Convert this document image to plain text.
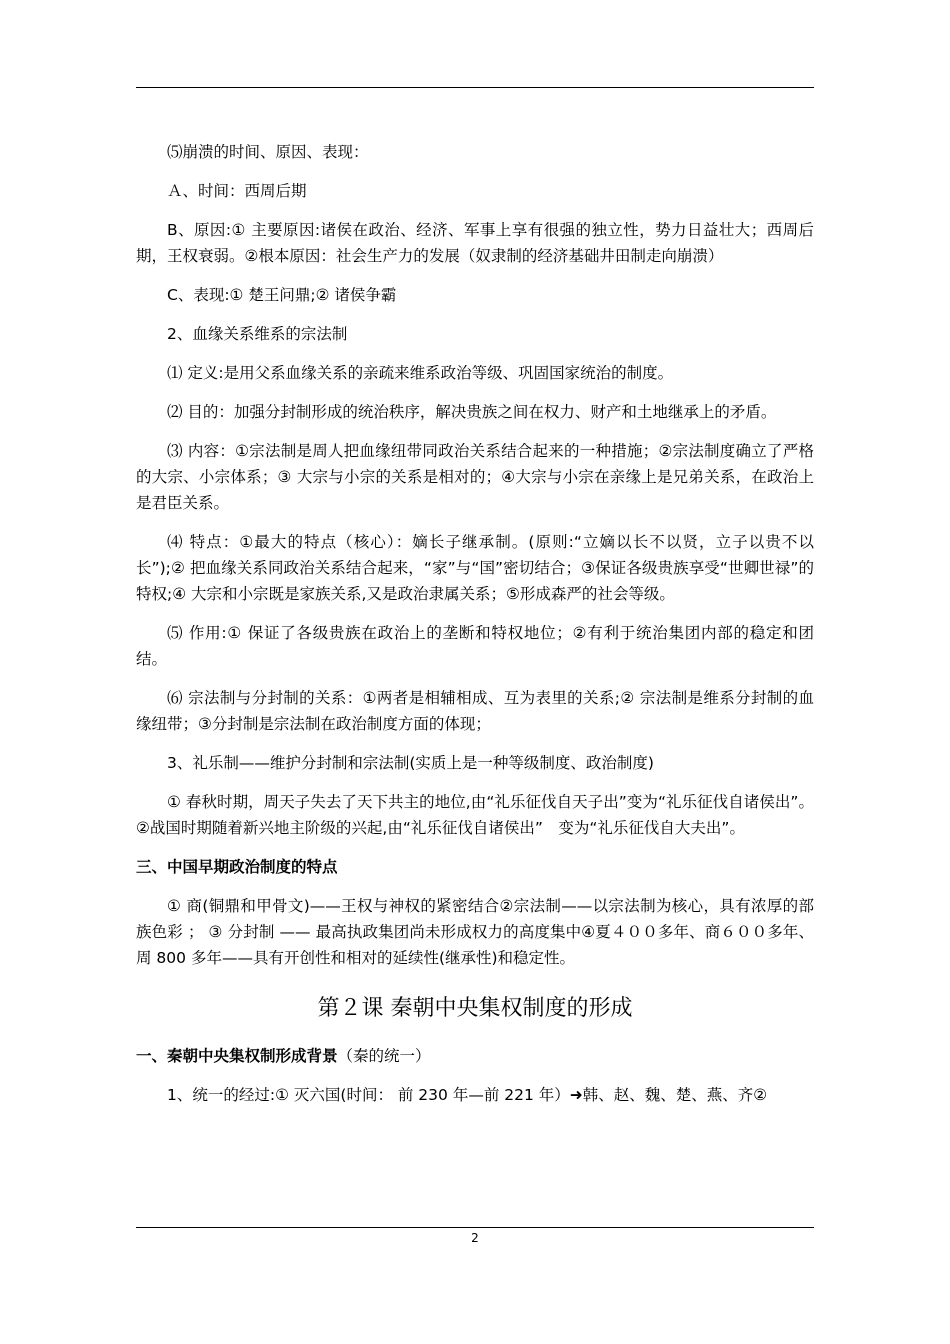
⑸崩溃的时间、原因、表现：

Ａ、时间：西周后期

B、原因:① 主要原因:诸侯在政治、经济、军事上享有很强的独立性，势力日益壮大；西周后期，王权衰弱。②根本原因：社会生产力的发展（奴隶制的经济基础井田制走向崩溃）

C、表现:① 楚王问鼎;② 诸侯争霸

2、血缘关系维系的宗法制

⑴ 定义:是用父系血缘关系的亲疏来维系政治等级、巩固国家统治的制度。

⑵ 目的：加强分封制形成的统治秩序，解决贵族之间在权力、财产和土地继承上的矛盾。

⑶ 内容：①宗法制是周人把血缘纽带同政治关系结合起来的一种措施；②宗法制度确立了严格的大宗、小宗体系；③ 大宗与小宗的关系是相对的；④大宗与小宗在亲缘上是兄弟关系，在政治上是君臣关系。

⑷ 特点：①最大的特点（核心）：嫡长子继承制。(原则:“立嫡以长不以贤，立子以贵不以长”);② 把血缘关系同政治关系结合起来，“家”与“国”密切结合；③保证各级贵族享受“世卿世禄”的特权;④ 大宗和小宗既是家族关系,又是政治隶属关系；⑤形成森严的社会等级。

⑸ 作用:① 保证了各级贵族在政治上的垄断和特权地位；②有利于统治集团内部的稳定和团结。

⑹ 宗法制与分封制的关系：①两者是相辅相成、互为表里的关系;② 宗法制是维系分封制的血缘纽带；③分封制是宗法制在政治制度方面的体现；

3、礼乐制——维护分封制和宗法制(实质上是一种等级制度、政治制度)

① 春秋时期，周天子失去了天下共主的地位,由“礼乐征伐自天子出”变为“礼乐征伐自诸侯出”。②战国时期随着新兴地主阶级的兴起,由“礼乐征伐自诸侯出”　变为“礼乐征伐自大夫出”。

三、中国早期政治制度的特点

① 商(铜鼎和甲骨文)——王权与神权的紧密结合②宗法制——以宗法制为核心，具有浓厚的部族色彩 ； ③ 分封制 —— 最高执政集团尚未形成权力的高度集中④夏４００多年、商６００多年、周 800 多年——具有开创性和相对的延续性(继承性)和稳定性。

第２课 秦朝中央集权制度的形成

一、秦朝中央集权制形成背景（秦的统一）

1、统一的经过:① 灭六国(时间： 前 230 年—前 221 年）➜韩、赵、魏、楚、燕、齐②

2
